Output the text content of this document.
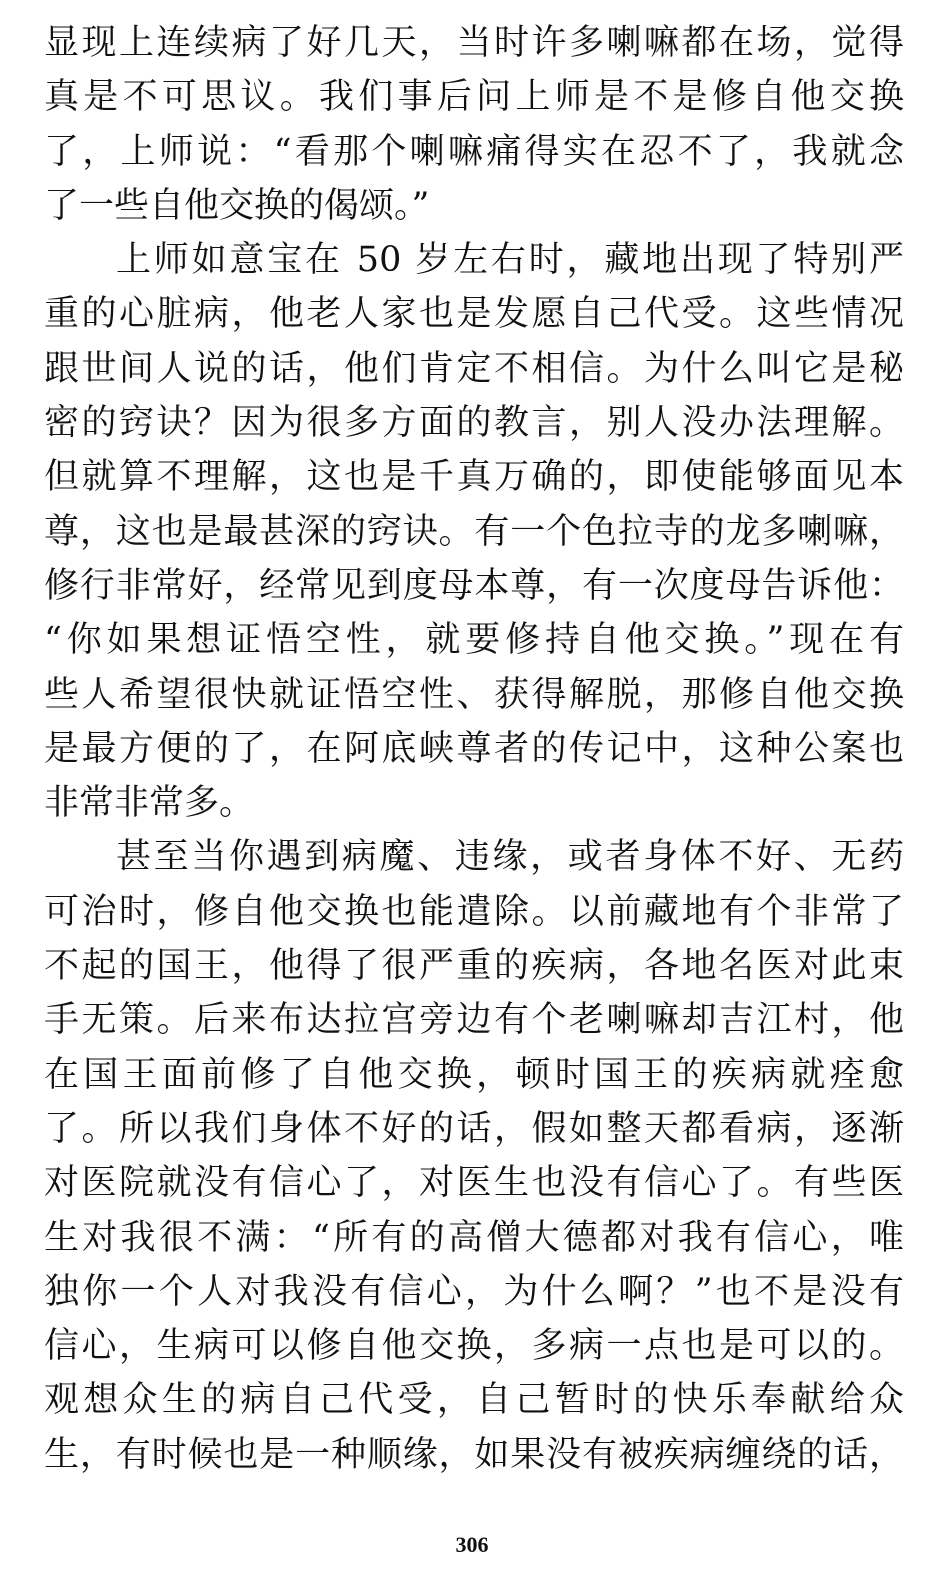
显现上连续病了好几天，当时许多喇嘛都在场，觉得
真是不可思议。我们事后问上师是不是修自他交换
了，上师说：“看那个喇嘛痛得实在忍不了，我就念
了一些自他交换的偈颂。”
上师如意宝在 50 岁左右时，藏地出现了特别严
重的心脏病，他老人家也是发愿自己代受。这些情况
跟世间人说的话，他们肯定不相信。为什么叫它是秘
密的窍诀？因为很多方面的教言，别人没办法理解。
但就算不理解，这也是千真万确的，即使能够面见本
尊，这也是最甚深的窍诀。有一个色拉寺的龙多喇嘛，
修行非常好，经常见到度母本尊，有一次度母告诉他：
“你如果想证悟空性，就要修持自他交换。”现在有
些人希望很快就证悟空性、获得解脱，那修自他交换
是最方便的了，在阿底峡尊者的传记中，这种公案也
非常非常多。
甚至当你遇到病魔、违缘，或者身体不好、无药
可治时，修自他交换也能遣除。以前藏地有个非常了
不起的国王，他得了很严重的疾病，各地名医对此束
手无策。后来布达拉宫旁边有个老喇嘛却吉江村，他
在国王面前修了自他交换，顿时国王的疾病就痊愈
了。所以我们身体不好的话，假如整天都看病，逐渐
对医院就没有信心了，对医生也没有信心了。有些医
生对我很不满：“所有的高僧大德都对我有信心，唯
独你一个人对我没有信心，为什么啊？”也不是没有
信心，生病可以修自他交换，多病一点也是可以的。
观想众生的病自己代受，自己暂时的快乐奉献给众
生，有时候也是一种顺缘，如果没有被疾病缠绕的话，
306
